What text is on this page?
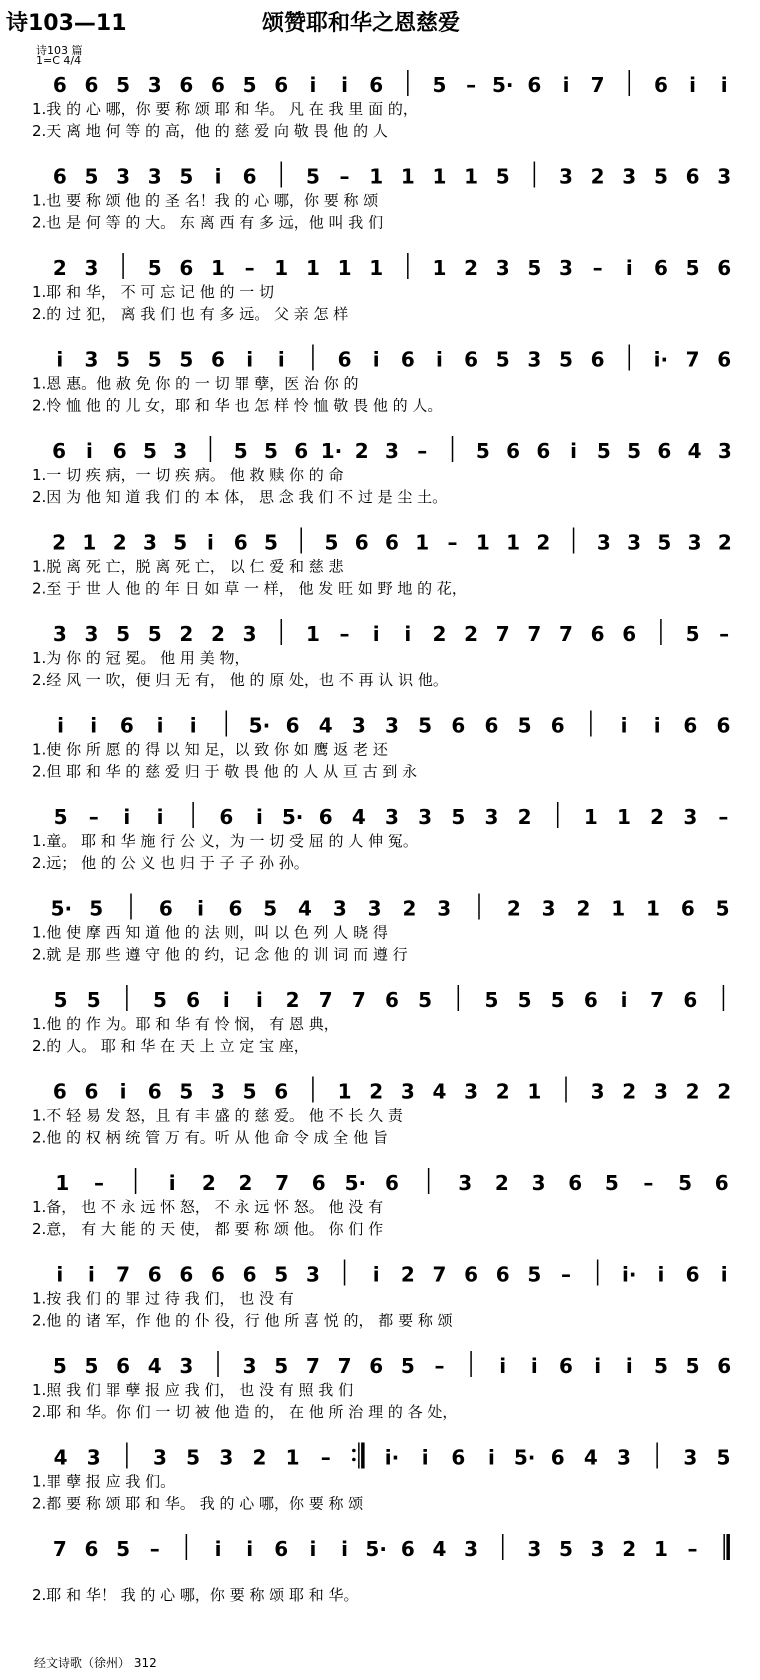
诗103—11	颂赞耶和华之恩慈爱
诗103 篇
1=C 4/4
6 6 5 3 6 6 5 6 i i 6 5 – 5· 6 i 7 6 i i
1.我 的 心 哪，你 要 称 颂 耶 和 华。 凡 在 我 里 面 的，
2.天 离 地 何 等 的 高，他 的 慈 爱 向 敬 畏 他 的 人
6 5 3 3 5 i 6 5 – 1 1 1 1 5 3 2 3 5 6 3
1.也 要 称 颂 他 的 圣 名！我 的 心 哪，你 要 称 颂
2.也 是 何 等 的 大。 东 离 西 有 多 远，他 叫 我 们
2 3 5 6 1 – 1 1 1 1 1 2 3 5 3 – i 6 5 6
1.耶 和 华， 不 可 忘 记 他 的 一 切
2.的 过 犯， 离 我 们 也 有 多 远。 父 亲 怎 样
i 3 5 5 5 6 i i	6 i 6 i 6 5 3 5 6 i· 7 6
1.恩 惠。他 赦 免 你 的 一 切 罪 孽，医 治 你 的
2.怜 恤 他 的 儿 女，耶 和 华 也 怎 样 怜 恤 敬 畏 他 的 人。
6 i 6 5 3 5 5 6 1· 2 3 – 5 6 6 i 5 5 6 4 3
1.一 切 疾 病，一 切 疾 病。 他 救 赎 你 的 命
2.因 为 他 知 道 我 们 的 本 体， 思 念 我 们 不 过 是 尘 土。
2 1 2 3 5 i 6 5 5 6 6 1 – 1 1 2 3 3 5 3 2
1.脱 离 死 亡，脱 离 死 亡， 以 仁 爱 和 慈 悲
2.至 于 世 人 他 的 年 日 如 草 一 样， 他 发 旺 如 野 地 的 花，
3 3 5 5 2 2 3 1 – i i 2 2 7 7 7 6 6 5 –
1.为 你 的 冠 冕。 他 用 美 物，
2.经 风 一 吹，便 归 无 有， 他 的 原 处，也 不 再 认 识 他。
i i 6 i i	5· 6 4 3 3 5 6 6 5 6	i i 6 6
1.使 你 所 愿 的 得 以 知 足，以 致 你 如 鹰 返 老 还
2.但 耶 和 华 的 慈 爱 归 于 敬 畏 他 的 人 从 亘 古 到 永
5 – i i	6 i 5· 6 4 3 3 5 3 2	1 1 2 3 –
1.童。 耶 和 华 施 行 公 义，为 一 切 受 屈 的 人 伸 冤。
2.远； 他 的 公 义 也 归 于 子 子 孙 孙。
5· 5	6 i 6 5 4 3 3 2 3	2 3 2 1 1 6 5
1.他 使 摩 西 知 道 他 的 法 则，叫 以 色 列 人 晓 得
2.就 是 那 些 遵 守 他 的 约，记 念 他 的 训 词 而 遵 行
5 5	5 6 i i 2 7 7 6 5	5 5 5 6 i 7 6
1.他 的 作 为。耶 和 华 有 怜 悯， 有 恩 典，
2.的 人。 耶 和 华 在 天 上 立 定 宝 座，
6 6 i 6 5 3 5 6 1 2 3 4 3 2 1 3 2 3 2 2
1.不 轻 易 发 怒，且 有 丰 盛 的 慈 爱。 他 不 长 久 责
2.他 的 权 柄 统 管 万 有。听 从 他 命 令 成 全 他 旨
1 –	i 2 2 7 6 5· 6	3 2 3 6 5 – 5 6
1.备， 也 不 永 远 怀 怒， 不 永 远 怀 怒。 他 没 有
2.意， 有 大 能 的 天 使， 都 要 称 颂 他。 你 们 作
i i 7 6 6 6 6 5 3	i 2 7 6 6 5 –	i· i 6 i
1.按 我 们 的 罪 过 待 我 们， 也 没 有
2.他 的 诸 军，作 他 的 仆 役，行 他 所 喜 悦 的， 都 要 称 颂
5 5 6 4 3 3 5 7 7 6 5 –	i i 6 i i 5 5 6
1.照 我 们 罪 孽 报 应 我 们， 也 没 有 照 我 们
2.耶 和 华。你 们 一 切 被 他 造 的， 在 他 所 治 理 的 各 处，
4 3	3 5 3 2 1 –	i· i 6 i 5· 6 4 3	3 5
1.罪 孽 报 应 我 们。
2.都 要 称 颂 耶 和 华。 我 的 心 哪，你 要 称 颂
7 6 5 –	i i 6 i i 5· 6 4 3 3 5 3 2 1 –
2.耶 和 华！ 我 的 心 哪，你 要 称 颂 耶 和 华。
经文诗歌（徐州） 312
